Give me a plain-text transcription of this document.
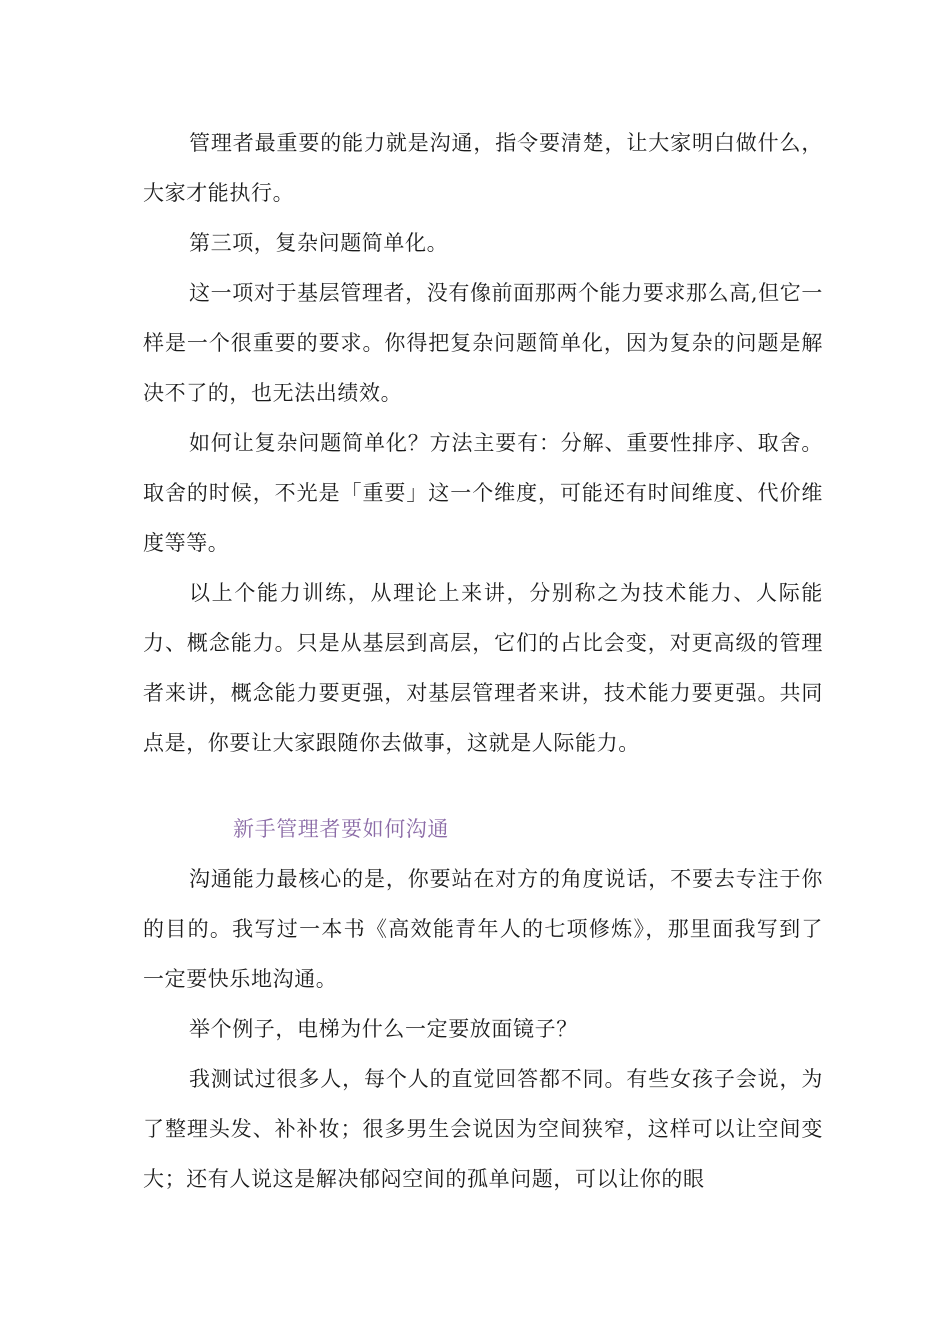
管理者最重要的能力就是沟通，指令要清楚，让大家明白做什么，大家才能执行。

第三项，复杂问题简单化。

这一项对于基层管理者，没有像前面那两个能力要求那么高,但它一样是一个很重要的要求。你得把复杂问题简单化，因为复杂的问题是解决不了的，也无法出绩效。

如何让复杂问题简单化？方法主要有：分解、重要性排序、取舍。取舍的时候，不光是「重要」这一个维度，可能还有时间维度、代价维度等等。

以上个能力训练，从理论上来讲，分别称之为技术能力、人际能力、概念能力。只是从基层到高层，它们的占比会变，对更高级的管理者来讲，概念能力要更强，对基层管理者来讲，技术能力要更强。共同点是，你要让大家跟随你去做事，这就是人际能力。

新手管理者要如何沟通

沟通能力最核心的是，你要站在对方的角度说话，不要去专注于你的目的。我写过一本书《高效能青年人的七项修炼》，那里面我写到了一定要快乐地沟通。

举个例子，电梯为什么一定要放面镜子？

我测试过很多人，每个人的直觉回答都不同。有些女孩子会说，为了整理头发、补补妆；很多男生会说因为空间狭窄，这样可以让空间变大；还有人说这是解决郁闷空间的孤单问题，可以让你的眼
